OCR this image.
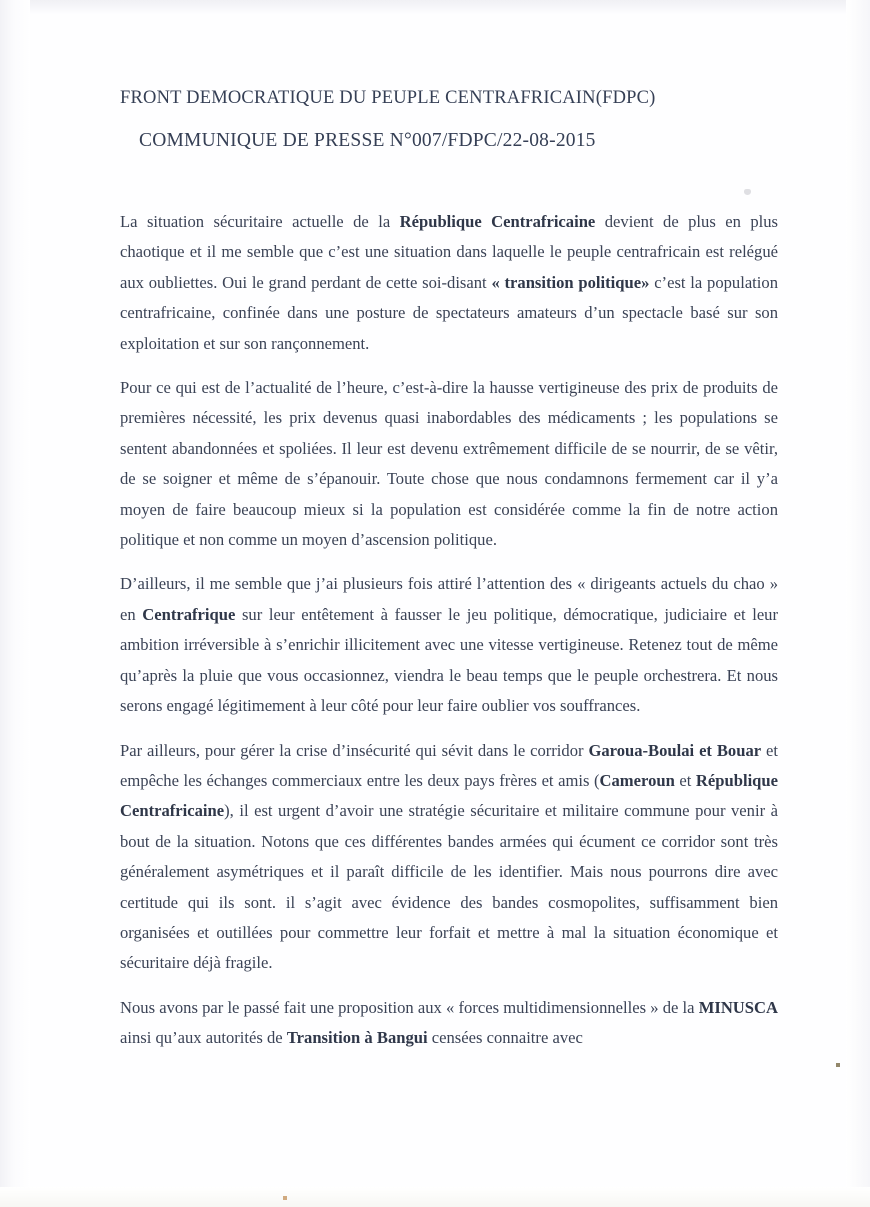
FRONT DEMOCRATIQUE DU PEUPLE CENTRAFRICAIN(FDPC)
COMMUNIQUE DE PRESSE N°007/FDPC/22-08-2015

La situation sécuritaire actuelle de la République Centrafricaine devient de plus en plus chaotique et il me semble que c’est une situation dans laquelle le peuple centrafricain est relégué aux oubliettes. Oui le grand perdant de cette soi-disant « transition politique» c’est la population centrafricaine, confinée dans une posture de spectateurs amateurs d’un spectacle basé sur son exploitation et sur son rançonnement.

Pour ce qui est de l’actualité de l’heure, c’est-à-dire la hausse vertigineuse des prix de produits de premières nécessité, les prix devenus quasi inabordables des médicaments ; les populations se sentent abandonnées et spoliées. Il leur est devenu extrêmement difficile de se nourrir, de se vêtir, de se soigner et même de s’épanouir. Toute chose que nous condamnons fermement car il y’a moyen de faire beaucoup mieux si la population est considérée comme la fin de notre action politique et non comme un moyen d’ascension politique.

D’ailleurs, il me semble que j’ai plusieurs fois attiré l’attention des « dirigeants actuels du chao » en Centrafrique sur leur entêtement à fausser le jeu politique, démocratique, judiciaire et leur ambition irréversible à s’enrichir illicitement avec une vitesse vertigineuse. Retenez tout de même qu’après la pluie que vous occasionnez, viendra le beau temps que le peuple orchestrera. Et nous serons engagé légitimement à leur côté pour leur faire oublier vos souffrances.

Par ailleurs, pour gérer la crise d’insécurité qui sévit dans le corridor Garoua-Boulai et Bouar et empêche les échanges commerciaux entre les deux pays frères et amis (Cameroun et République Centrafricaine), il est urgent d’avoir une stratégie sécuritaire et militaire commune pour venir à bout de la situation. Notons que ces différentes bandes armées qui écument ce corridor sont très généralement asymétriques et il paraît difficile de les identifier. Mais nous pourrons dire avec certitude qui ils sont. il s’agit avec évidence des bandes cosmopolites, suffisamment bien organisées et outillées pour commettre leur forfait et mettre à mal la situation économique et sécuritaire déjà fragile.

Nous avons par le passé fait une proposition aux « forces multidimensionnelles » de la MINUSCA ainsi qu’aux autorités de Transition à Bangui censées connaitre avec
